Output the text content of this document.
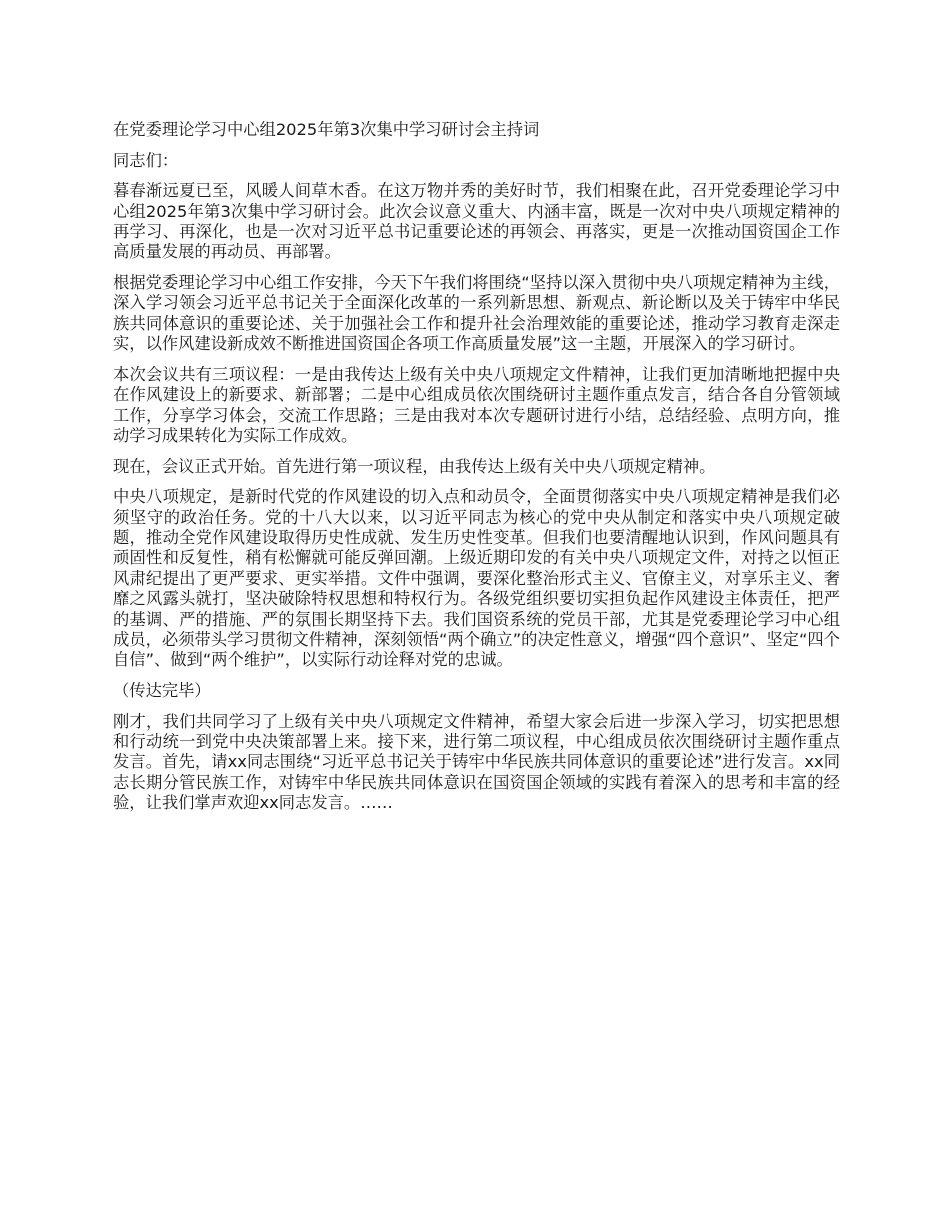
在党委理论学习中心组2025年第3次集中学习研讨会主持词

同志们：

暮春渐远夏已至，风暖人间草木香。在这万物并秀的美好时节，我们相聚在此，召开党委理论学习中心组2025年第3次集中学习研讨会。此次会议意义重大、内涵丰富，既是一次对中央八项规定精神的再学习、再深化，也是一次对习近平总书记重要论述的再领会、再落实，更是一次推动国资国企工作高质量发展的再动员、再部署。

根据党委理论学习中心组工作安排，今天下午我们将围绕“坚持以深入贯彻中央八项规定精神为主线，深入学习领会习近平总书记关于全面深化改革的一系列新思想、新观点、新论断以及关于铸牢中华民族共同体意识的重要论述、关于加强社会工作和提升社会治理效能的重要论述，推动学习教育走深走实，以作风建设新成效不断推进国资国企各项工作高质量发展”这一主题，开展深入的学习研讨。

本次会议共有三项议程：一是由我传达上级有关中央八项规定文件精神，让我们更加清晰地把握中央在作风建设上的新要求、新部署；二是中心组成员依次围绕研讨主题作重点发言，结合各自分管领域工作，分享学习体会，交流工作思路；三是由我对本次专题研讨进行小结，总结经验、点明方向，推动学习成果转化为实际工作成效。

现在，会议正式开始。首先进行第一项议程，由我传达上级有关中央八项规定精神。

中央八项规定，是新时代党的作风建设的切入点和动员令，全面贯彻落实中央八项规定精神是我们必须坚守的政治任务。党的十八大以来，以习近平同志为核心的党中央从制定和落实中央八项规定破题，推动全党作风建设取得历史性成就、发生历史性变革。但我们也要清醒地认识到，作风问题具有顽固性和反复性，稍有松懈就可能反弹回潮。上级近期印发的有关中央八项规定文件，对持之以恒正风肃纪提出了更严要求、更实举措。文件中强调，要深化整治形式主义、官僚主义，对享乐主义、奢靡之风露头就打，坚决破除特权思想和特权行为。各级党组织要切实担负起作风建设主体责任，把严的基调、严的措施、严的氛围长期坚持下去。我们国资系统的党员干部，尤其是党委理论学习中心组成员，必须带头学习贯彻文件精神，深刻领悟“两个确立”的决定性意义，增强“四个意识”、坚定“四个自信”、做到“两个维护”，以实际行动诠释对党的忠诚。

（传达完毕）

刚才，我们共同学习了上级有关中央八项规定文件精神，希望大家会后进一步深入学习，切实把思想和行动统一到党中央决策部署上来。接下来，进行第二项议程，中心组成员依次围绕研讨主题作重点发言。首先，请xx同志围绕“习近平总书记关于铸牢中华民族共同体意识的重要论述”进行发言。xx同志长期分管民族工作，对铸牢中华民族共同体意识在国资国企领域的实践有着深入的思考和丰富的经验，让我们掌声欢迎xx同志发言。……
